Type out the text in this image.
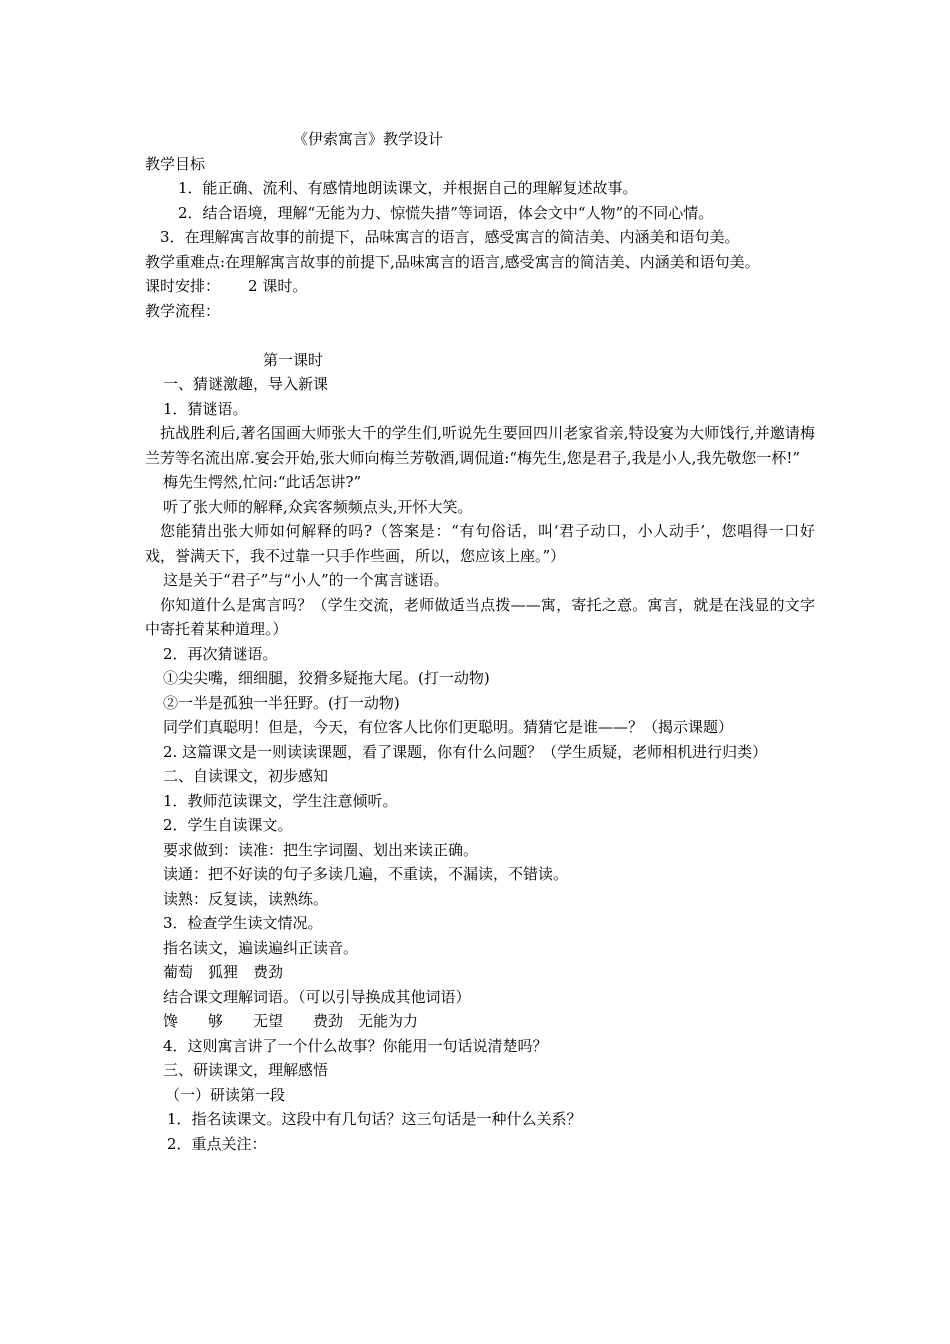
《伊索寓言》教学设计
教学目标
1．能正确、流利、有感情地朗读课文，并根据自己的理解复述故事。
2．结合语境，理解“无能为力、惊慌失措”等词语，体会文中“人物”的不同心情。
3．在理解寓言故事的前提下，品味寓言的语言，感受寓言的简洁美、内涵美和语句美。
教学重难点:在理解寓言故事的前提下,品味寓言的语言,感受寓言的简洁美、内涵美和语句美。
课时安排： 2 课时。
教学流程：
第一课时
一、猜谜激趣，导入新课
1．猜谜语。
抗战胜利后,著名国画大师张大千的学生们,听说先生要回四川老家省亲,特设宴为大师饯行,并邀请梅兰芳等名流出席.宴会开始,张大师向梅兰芳敬酒,调侃道:“梅先生,您是君子,我是小人,我先敬您一杯!”
梅先生愕然,忙问:“此话怎讲?”
听了张大师的解释,众宾客频频点头,开怀大笑。
您能猜出张大师如何解释的吗?（答案是：“有句俗话，叫‘君子动口，小人动手’，您唱得一口好戏，誉满天下，我不过靠一只手作些画，所以，您应该上座。”）
这是关于“君子”与“小人”的一个寓言谜语。
你知道什么是寓言吗？（学生交流，老师做适当点拨——寓，寄托之意。寓言，就是在浅显的文字中寄托着某种道理。）
2．再次猜谜语。
①尖尖嘴，细细腿，狡猾多疑拖大尾。(打一动物)
②一半是孤独一半狂野。(打一动物)
同学们真聪明！但是，今天，有位客人比你们更聪明。猜猜它是谁——？（揭示课题）
2. 这篇课文是一则读读课题，看了课题，你有什么问题？（学生质疑，老师相机进行归类）
二、自读课文，初步感知
1．教师范读课文，学生注意倾听。
2．学生自读课文。
要求做到：读准：把生字词圈、划出来读正确。
读通：把不好读的句子多读几遍，不重读，不漏读，不错读。
读熟：反复读，读熟练。
3．检查学生读文情况。
指名读文，遍读遍纠正读音。
葡萄　狐狸　费劲
结合课文理解词语。（可以引导换成其他词语）
馋　　够　　无望　　费劲　无能为力
4．这则寓言讲了一个什么故事？你能用一句话说清楚吗？
三、研读课文，理解感悟
（一）研读第一段
1．指名读课文。这段中有几句话？这三句话是一种什么关系？
2．重点关注：
